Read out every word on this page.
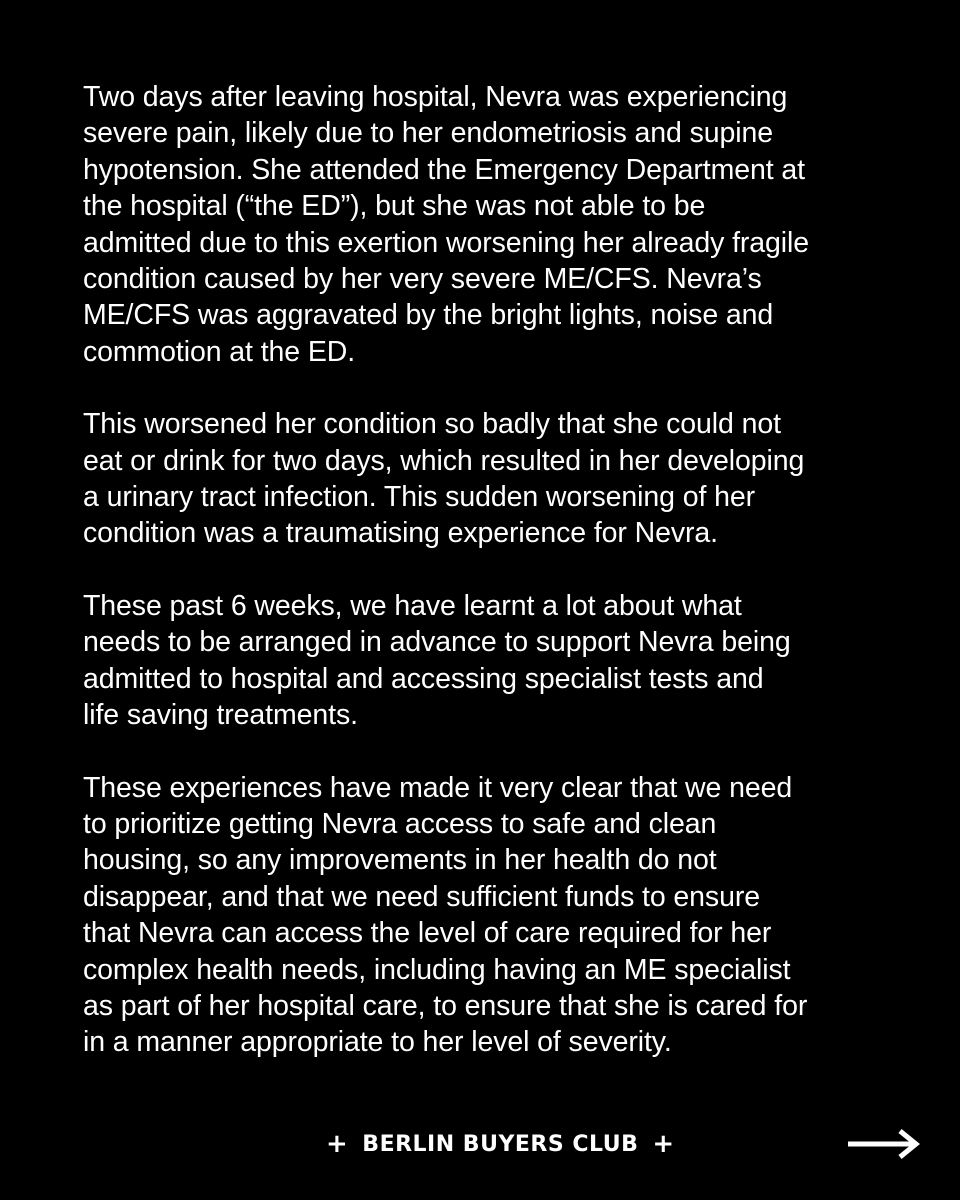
Two days after leaving hospital, Nevra was experiencing
severe pain, likely due to her endometriosis and supine
hypotension. She attended the Emergency Department at
the hospital (“the ED”), but she was not able to be
admitted due to this exertion worsening her already fragile
condition caused by her very severe ME/CFS. Nevra’s
ME/CFS was aggravated by the bright lights, noise and
commotion at the ED.

This worsened her condition so badly that she could not
eat or drink for two days, which resulted in her developing
a urinary tract infection. This sudden worsening of her
condition was a traumatising experience for Nevra.

These past 6 weeks, we have learnt a lot about what
needs to be arranged in advance to support Nevra being
admitted to hospital and accessing specialist tests and
life saving treatments.

These experiences have made it very clear that we need
to prioritize getting Nevra access to safe and clean
housing, so any improvements in her health do not
disappear, and that we need sufficient funds to ensure
that Nevra can access the level of care required for her
complex health needs, including having an ME specialist
as part of her hospital care, to ensure that she is cared for
in a manner appropriate to her level of severity.

+ BERLIN BUYERS CLUB +
